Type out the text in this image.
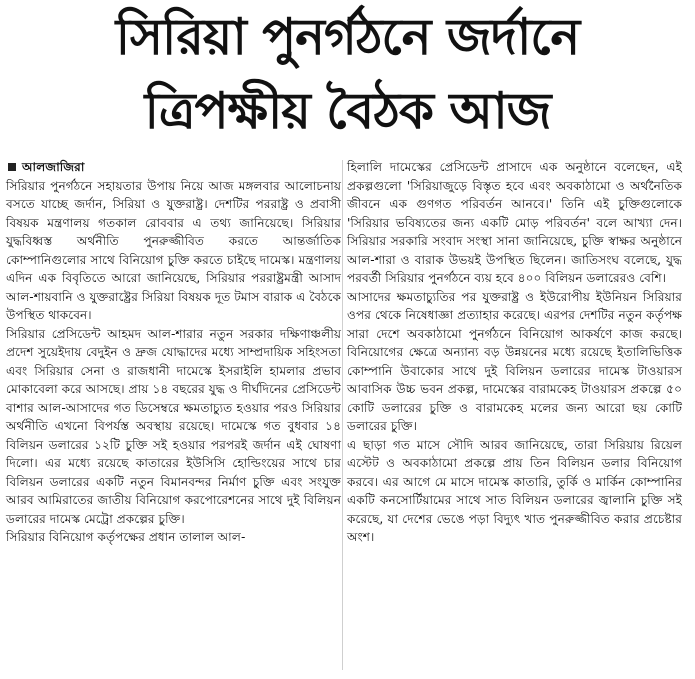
সিরিয়া পুনর্গঠনে জর্দানে
ত্রিপক্ষীয় বৈঠক আজ
আলজাজিরা

সিরিয়ার পুনর্গঠনে সহায়তার উপায় নিয়ে আজ মঙ্গলবার আলোচনায় বসতে যাচ্ছে জর্দান, সিরিয়া ও যুক্তরাষ্ট্র। দেশটির পররাষ্ট্র ও প্রবাসী বিষয়ক মন্ত্রণালয় গতকাল রোববার এ তথ্য জানিয়েছে। সিরিয়ার যুদ্ধবিধ্বস্ত অর্থনীতি পুনরুজ্জীবিত করতে আন্তর্জাতিক কোম্পানিগুলোর সাথে বিনিয়োগ চুক্তি করতে চাইছে দামেস্ক। মন্ত্রণালয় এদিন এক বিবৃতিতে আরো জানিয়েছে, সিরিয়ার পররাষ্ট্রমন্ত্রী আসাদ আল-শায়বানি ও যুক্তরাষ্ট্রের সিরিয়া বিষয়ক দূত টমাস বারাক এ বৈঠকে উপস্থিত থাকবেন।

সিরিয়ার প্রেসিডেন্ট আহমদ আল-শারার নতুন সরকার দক্ষিণাঞ্চলীয় প্রদেশ সুয়েইদায় বেদুইন ও দ্রুজ যোদ্ধাদের মধ্যে সাম্প্রদায়িক সহিংসতা এবং সিরিয়ার সেনা ও রাজধানী দামেস্কে ইসরাইলি হামলার প্রভাব মোকাবেলা করে আসছে। প্রায় ১৪ বছরের যুদ্ধ ও দীর্ঘদিনের প্রেসিডেন্ট বাশার আল-আসাদের গত ডিসেম্বরে ক্ষমতাচ্যুত হওয়ার পরও সিরিয়ার অর্থনীতি এখনো বিপর্যস্ত অবস্থায় রয়েছে। দামেস্কে গত বুধবার ১৪ বিলিয়ন ডলারের ১২টি চুক্তি সই হওয়ার পরপরই জর্দান এই ঘোষণা দিলো। এর মধ্যে রয়েছে কাতারের ইউসিসি হোল্ডিংয়ের সাথে চার বিলিয়ন ডলারের একটি নতুন বিমানবন্দর নির্মাণ চুক্তি এবং সংযুক্ত আরব আমিরাতের জাতীয় বিনিয়োগ করপোরেশনের সাথে দুই বিলিয়ন ডলারের দামেস্ক মেট্রো প্রকল্পের চুক্তি।

সিরিয়ার বিনিয়োগ কর্তৃপক্ষের প্রধান তালাল আল-

হিলালি দামেস্কের প্রেসিডেন্ট প্রাসাদে এক অনুষ্ঠানে বলেছেন, এই প্রকল্পগুলো 'সিরিয়াজুড়ে বিস্তৃত হবে এবং অবকাঠামো ও অর্থনৈতিক জীবনে এক গুণগত পরিবর্তন আনবে।' তিনি এই চুক্তিগুলোকে 'সিরিয়ার ভবিষ্যতের জন্য একটি মোড় পরিবর্তন' বলে আখ্যা দেন। সিরিয়ার সরকারি সংবাদ সংস্থা সানা জানিয়েছে, চুক্তি স্বাক্ষর অনুষ্ঠানে আল-শারা ও বারাক উভয়ই উপস্থিত ছিলেন। জাতিসংঘ বলেছে, যুদ্ধ পরবর্তী সিরিয়ার পুনর্গঠনে ব্যয় হবে ৪০০ বিলিয়ন ডলারেরও বেশি।

আসাদের ক্ষমতাচ্যুতির পর যুক্তরাষ্ট্র ও ইউরোপীয় ইউনিয়ন সিরিয়ার ওপর থেকে নিষেধাজ্ঞা প্রত্যাহার করেছে। এরপর দেশটির নতুন কর্তৃপক্ষ সারা দেশে অবকাঠামো পুনর্গঠনে বিনিয়োগ আকর্ষণে কাজ করছে। বিনিয়োগের ক্ষেত্রে অন্যান্য বড় উন্নয়নের মধ্যে রয়েছে ইতালিভিত্তিক কোম্পানি উবাকোর সাথে দুই বিলিয়ন ডলারের দামেস্ক টাওয়ারস আবাসিক উচ্চ ভবন প্রকল্প, দামেস্কের বারামকেহ টাওয়ারস প্রকল্পে ৫০ কোটি ডলারের চুক্তি ও বারামকেহ মলের জন্য আরো ছয় কোটি ডলারের চুক্তি।

এ ছাড়া গত মাসে সৌদি আরব জানিয়েছে, তারা সিরিয়ায় রিয়েল এস্টেট ও অবকাঠামো প্রকল্পে প্রায় তিন বিলিয়ন ডলার বিনিয়োগ করবে। এর আগে মে মাসে দামেস্ক কাতারি, তুর্কি ও মার্কিন কোম্পানির একটি কনসোর্টিয়ামের সাথে সাত বিলিয়ন ডলারের জ্বালানি চুক্তি সই করেছে, যা দেশের ভেঙে পড়া বিদ্যুৎ খাত পুনরুজ্জীবিত করার প্রচেষ্টার অংশ।
